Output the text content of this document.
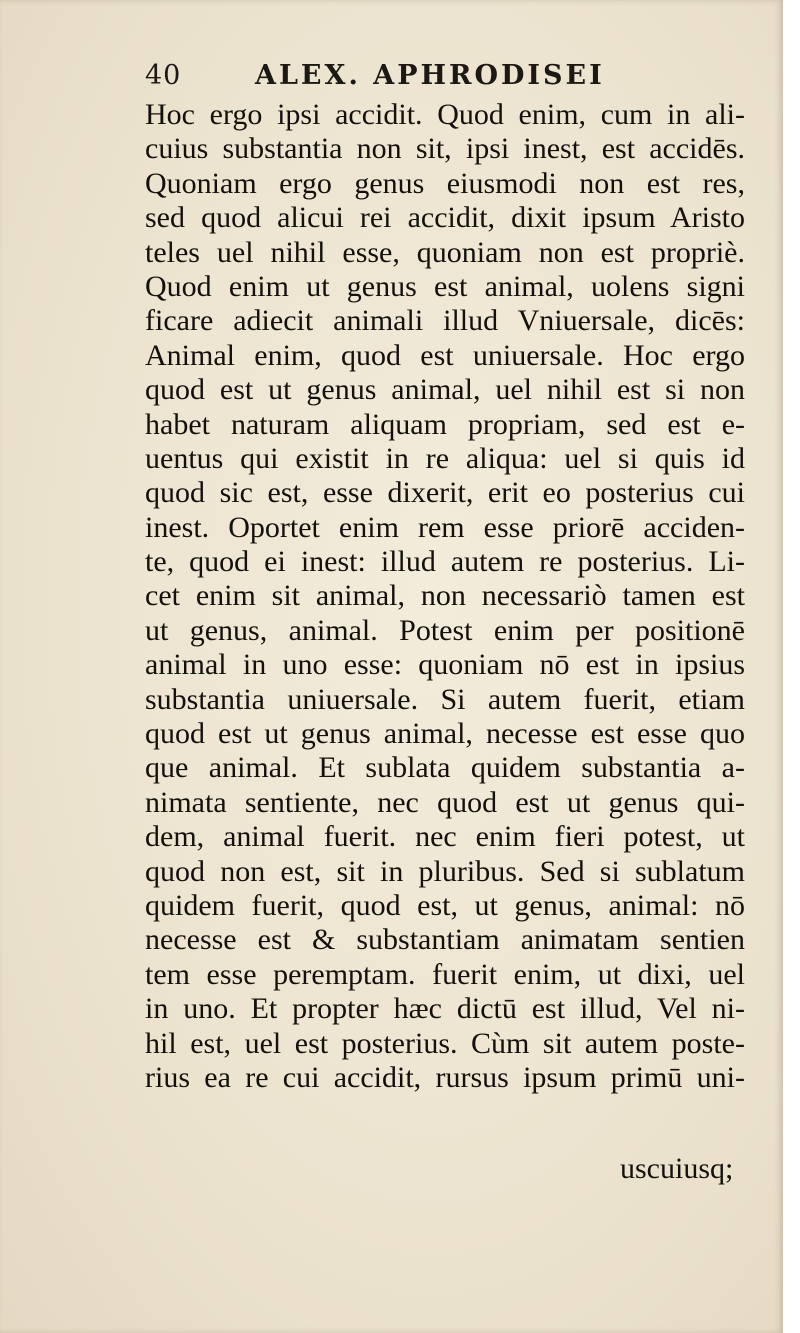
40	ALEX. APHRODISEI
Hoc ergo ipsi accidit. Quod enim, cum in ali-
cuius substantia non sit, ipsi inest, est accidēs.
Quoniam ergo genus eiusmodi non est res,
sed quod alicui rei accidit, dixit ipsum Aristo
teles uel nihil esse, quoniam non est propriè.
Quod enim ut genus est animal, uolens signi
ficare adiecit animali illud Vniuersale, dicēs:
Animal enim, quod est uniuersale. Hoc ergo
quod est ut genus animal, uel nihil est si non
habet naturam aliquam propriam, sed est e-
uentus qui existit in re aliqua: uel si quis id
quod sic est, esse dixerit, erit eo posterius cui
inest. Oportet enim rem esse priorē acciden-
te, quod ei inest: illud autem re posterius. Li-
cet enim sit animal, non necessariò tamen est
ut genus, animal. Potest enim per positionē
animal in uno esse: quoniam nō est in ipsius
substantia uniuersale. Si autem fuerit, etiam
quod est ut genus animal, necesse est esse quo
que animal. Et sublata quidem substantia a-
nimata sentiente, nec quod est ut genus qui-
dem, animal fuerit. nec enim fieri potest, ut
quod non est, sit in pluribus. Sed si sublatum
quidem fuerit, quod est, ut genus, animal: nō
necesse est & substantiam animatam sentien
tem esse peremptam. fuerit enim, ut dixi, uel
in uno. Et propter hæc dictū est illud, Vel ni-
hil est, uel est posterius. Cùm sit autem poste-
rius ea re cui accidit, rursus ipsum primū uni-
uscuiusq;
